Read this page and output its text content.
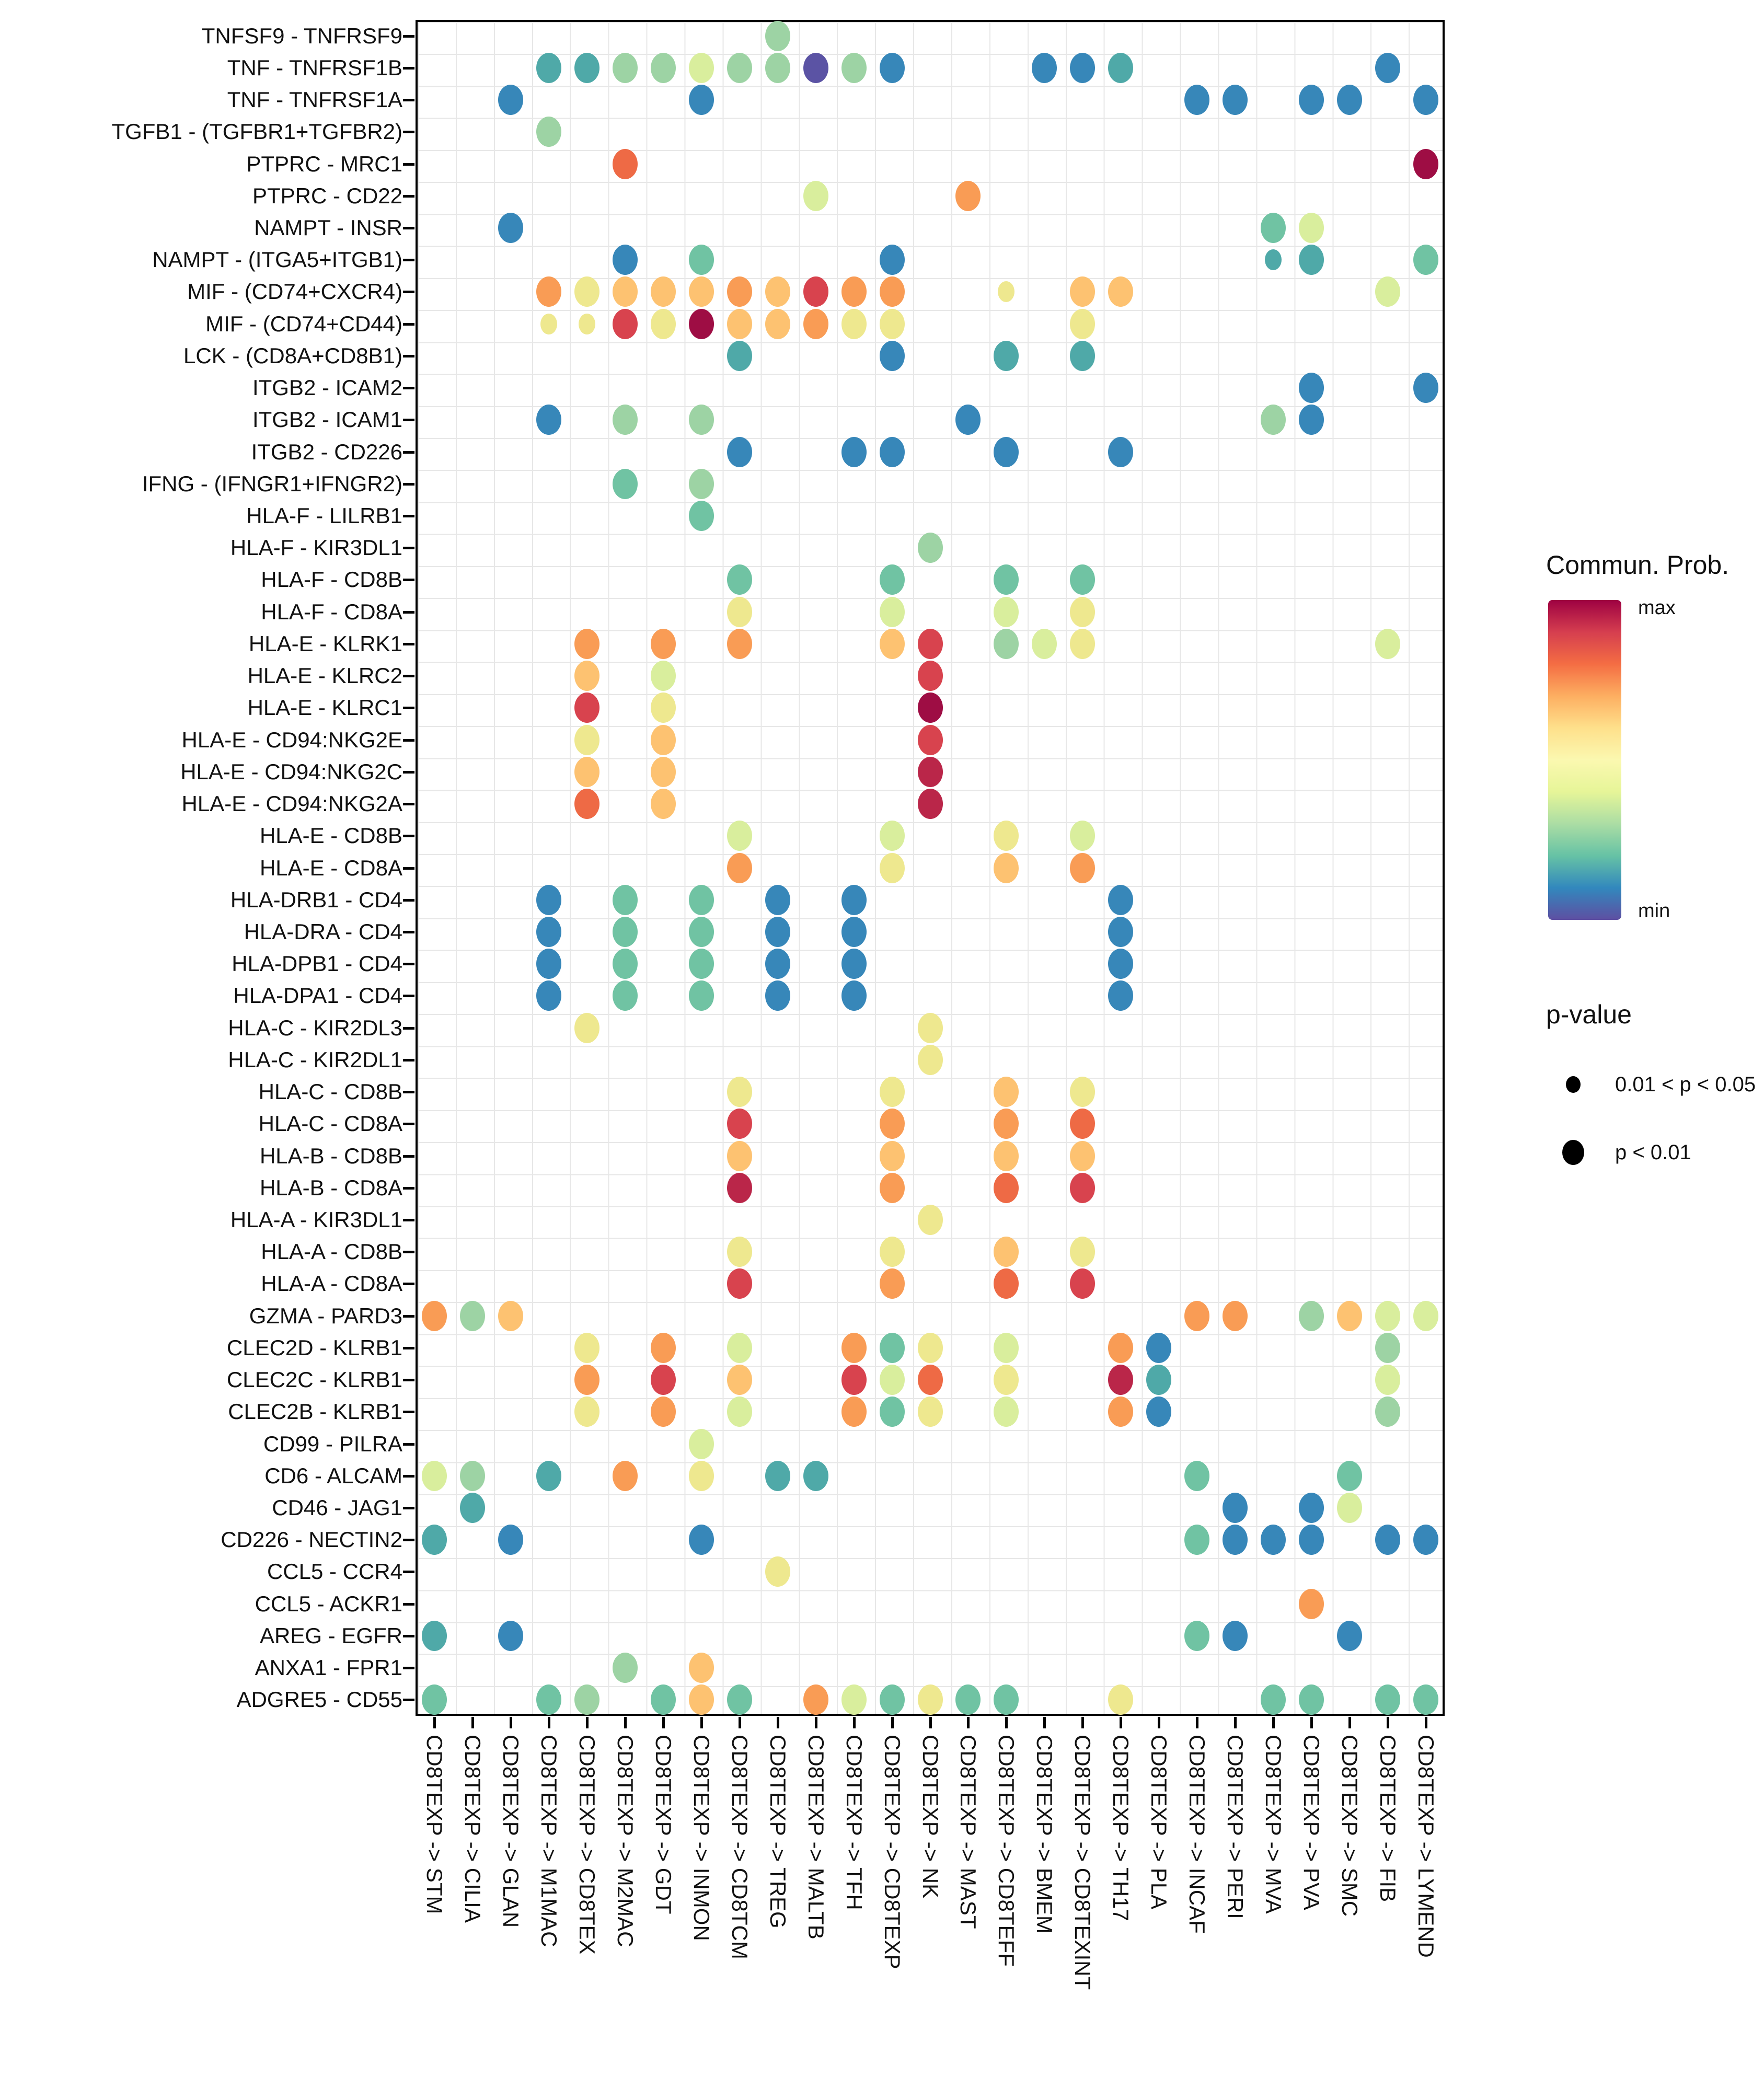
TNFSF9 - TNFRSF9
TNF - TNFRSF1B
TNF - TNFRSF1A
TGFB1 - (TGFBR1+TGFBR2)
PTPRC - MRC1
PTPRC - CD22
NAMPT - INSR
NAMPT - (ITGA5+ITGB1)
MIF - (CD74+CXCR4)
MIF - (CD74+CD44)
LCK - (CD8A+CD8B1)
ITGB2 - ICAM2
ITGB2 - ICAM1
ITGB2 - CD226
IFNG - (IFNGR1+IFNGR2)
HLA-F - LILRB1
HLA-F - KIR3DL1
HLA-F - CD8B
HLA-F - CD8A
HLA-E - KLRK1
HLA-E - KLRC2
HLA-E - KLRC1
HLA-E - CD94:NKG2E
HLA-E - CD94:NKG2C
HLA-E - CD94:NKG2A
HLA-E - CD8B
HLA-E - CD8A
HLA-DRB1 - CD4
HLA-DRA - CD4
HLA-DPB1 - CD4
HLA-DPA1 - CD4
HLA-C - KIR2DL3
HLA-C - KIR2DL1
HLA-C - CD8B
HLA-C - CD8A
HLA-B - CD8B
HLA-B - CD8A
HLA-A - KIR3DL1
HLA-A - CD8B
HLA-A - CD8A
GZMA - PARD3
CLEC2D - KLRB1
CLEC2C - KLRB1
CLEC2B - KLRB1
CD99 - PILRA
CD6 - ALCAM
CD46 - JAG1
CD226 - NECTIN2
CCL5 - CCR4
CCL5 - ACKR1
AREG - EGFR
ANXA1 - FPR1
ADGRE5 - CD55
CD8TEXP -> STM CD8TEXP -> CILIA CD8TEXP -> GLAN CD8TEXP -> M1MAC CD8TEXP -> CD8TEX CD8TEXP -> M2MAC CD8TEXP -> GDT CD8TEXP -> INMON CD8TEXP -> CD8TCM CD8TEXP -> TREG CD8TEXP -> MALTB CD8TEXP -> TFH CD8TEXP -> CD8TEXP CD8TEXP -> NK CD8TEXP -> MAST CD8TEXP -> CD8TEFF CD8TEXP -> BMEM CD8TEXP -> CD8TEXINT CD8TEXP -> TH17 CD8TEXP -> PLA CD8TEXP -> INCAF CD8TEXP -> PERI CD8TEXP -> MVA CD8TEXP -> PVA CD8TEXP -> SMC CD8TEXP -> FIB CD8TEXP -> LYMEND
Commun. Prob.
max
min
p-value
0.01 < p < 0.05
p < 0.01
